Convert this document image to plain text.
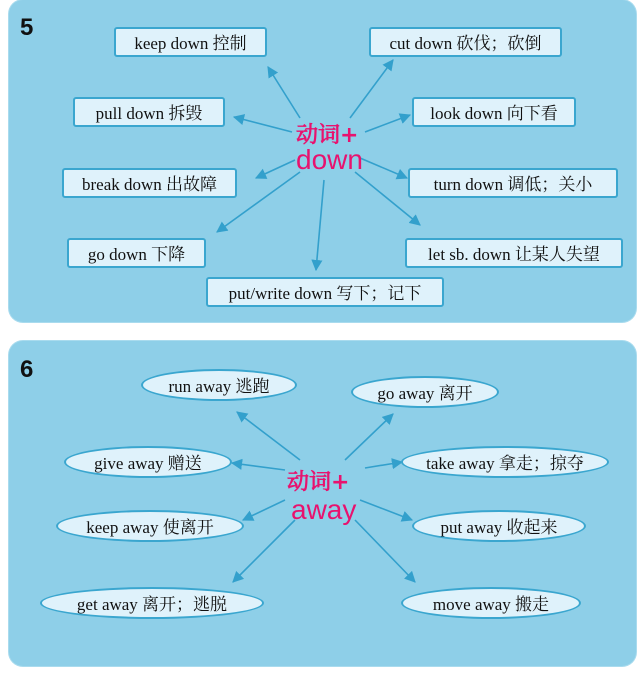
5
keep down 控制	cut down 砍伐；砍倒
pull down 拆毁	look down 向下看
break down 出故障	turn down 调低；关小
go down 下降	let sb. down 让某人失望
put/write down 写下；记下
动词+
down
6
run away 逃跑	go away 离开
give away 赠送	take away 拿走；掠夺
keep away 使离开	put away 收起来
get away 离开；逃脱	move away 搬走
动词+
away
